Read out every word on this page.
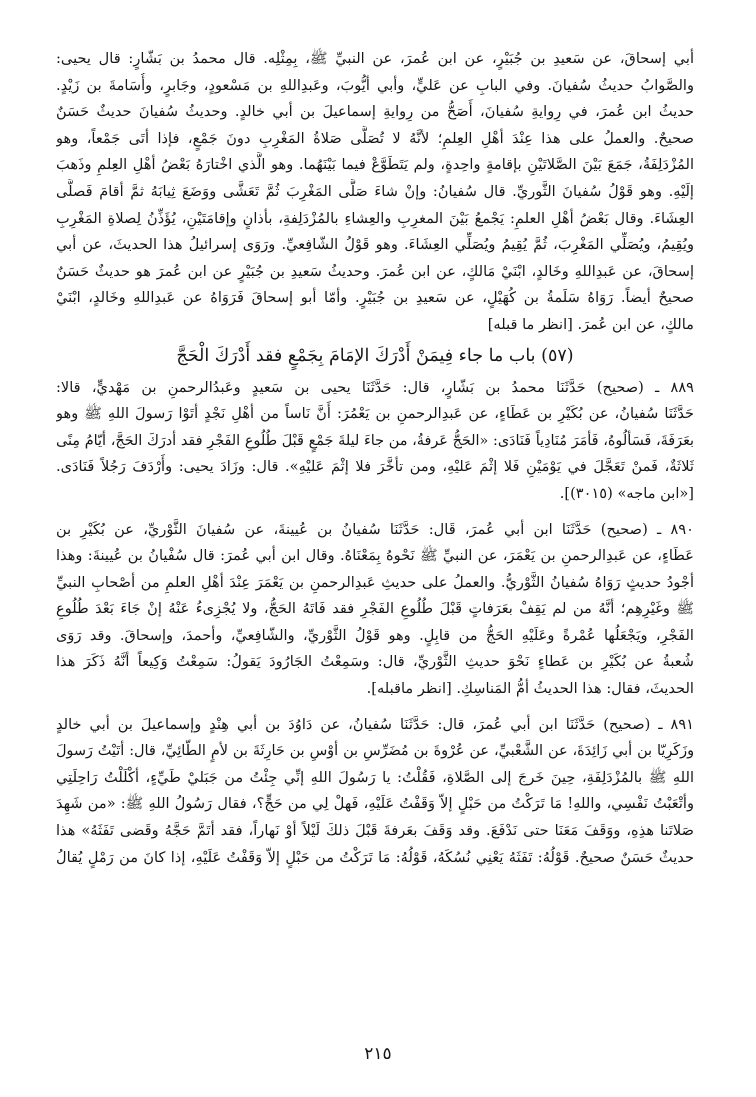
أبي إسحاقَ، عن سَعيدِ بن جُبَيْرٍ، عن ابن عُمرَ، عن النبيِّ ﷺ، بِمِثْلِه. قال محمدُ بن بَشّارٍ: قال يحيى:
والصَّوابُ حديثُ سُفيانَ. وفي البابِ عن عَليٍّ، وأبي أيُّوبَ، وعَبدِاللهِ بن مَسْعودٍ، وجَابرٍ، وأُسَامةَ بن زَيْدٍ.
حديثُ ابن عُمرَ، في رِوايةِ سُفيانَ، أَصَحُّ من رِوايةِ إسماعيلَ بن أبي خالدٍ. وحديثُ سُفيانَ حديثٌ حَسَنٌ
صحيحٌ. والعملُ على هذا عِنْدَ أهْلِ العِلمِ؛ لأنَّهُ لا تُصَلَّى صَلاةُ المَغْرِبِ دونَ جَمْعٍ، فإذا أتَى جَمْعاً، وهو
المُزْدَلِفَةُ، جَمَعَ بَيْنَ الصَّلاتَيْنِ بإقامةٍ واحِدةٍ، ولم يَتَطَوَّعْ فيما بَيْنَهُما. وهو الَّذي اخْتارَهُ بَعْضُ أهْلِ العِلمِ وذَهبَ
إلَيْهِ. وهو قَوْلُ سُفيانَ الثَّوريِّ. قال سُفيانُ: وإنْ شاءَ صَلَّى المَغْرِبَ ثُمَّ تَعَشَّى ووَضَعَ ثِيابَهُ ثمَّ أقامَ فَصلَّى
العِشَاءَ. وقال بَعْضُ أهْلِ العلمِ: يَجْمعُ بَيْنَ المغرِبِ والعِشاءِ بالمُزْدَلِفةِ، بأذانٍ وإقامَتَيْنِ، يُؤَذِّنُ لِصلاةِ المَغْرِبِ
ويُقِيمُ، ويُصَلِّي المَغْرِبَ، ثُمَّ يُقِيمُ ويُصَلِّي العِشَاءَ. وهو قَوْلُ الشّافِعيِّ. ورَوَى إسرائيلُ هذا الحديثَ، عن أبي
إسحاقَ، عن عَبدِاللهِ وخَالدٍ، ابْنَيْ مَالكٍ، عن ابن عُمرَ. وحديثُ سَعيدِ بن جُبَيْرٍ عن ابن عُمرَ هو حديثٌ حَسَنٌ
صحيحٌ أيضاً. رَوَاهُ سَلَمةُ بن كُهَيْلٍ، عن سَعيدِ بن جُبَيْرٍ. وأمّا أبو إسحاقَ فَرَوَاهُ عن عَبدِاللهِ وخَالدٍ، ابْنَيْ
مالكٍ، عن ابن عُمرَ. [انظر ما قبله]
(٥٧) باب ما جاء فِيمَنْ أَدْرَكَ الإمَامَ بِجَمْعٍ فقد أَدْرَكَ الْحَجَّ
٨٨٩ ـ (صحيح) حَدَّثَنَا محمدُ بن بَشّارٍ، قال: حَدَّثَنَا يحيى بن سَعيدٍ وعَبدُالرحمنِ بن مَهْديٍّ، قالا:
حَدَّثَنَا سُفيانُ، عن بُكَيْرِ بن عَطَاءٍ، عن عَبدِالرحمنِ بن يَعْمُرَ: أَنَّ نَاساً من أهْلِ نَجْدٍ أتَوْا رَسولَ اللهِ ﷺ وهو
بعَرَفَةَ، فَسَألُوهُ، فَأمَرَ مُنَادِياً فَنَادَى: «الحَجُّ عَرفةُ، من جاءَ ليلةَ جَمْعٍ قَبْلَ طُلُوعِ الفَجْرِ فقد أدرَكَ الحَجَّ، أيّامُ مِنًى
ثَلاثَةٌ، فَمنْ تَعَجَّلَ في يَوْمَيْنِ فَلا إثْمَ عَليْهِ، ومن تأخَّرَ فلا إثْمَ عَليْهِ». قال: وزَادَ يحيى: وأَرْدَفَ رَجُلاً فَنَادَى.
[«ابن ماجه» (٣٠١٥)].
٨٩٠ ـ (صحيح) حَدَّثَنَا ابن أبي عُمرَ، قَال: حَدَّثَنَا سُفيانُ بن عُيينةَ، عن سُفيانَ الثَّوْريِّ، عن بُكَيْرِ بن
عَطَاءٍ، عن عَبدِالرحمنِ بن يَعْمَرَ، عن النبيِّ ﷺ نَحْوهُ بِمَعْنَاهُ. وقال ابن أبي عُمرَ: قال سُفْيانُ بن عُيينةَ: وهذا
أجْودُ حديثٍ رَوَاهُ سُفيانُ الثَّوْريُّ. والعملُ على حديثِ عَبدِالرحمنِ بن يَعْمَرَ عِنْدَ أهْلِ العلمِ من أصْحابِ النبيِّ
ﷺ وغَيْرِهِم؛ أنَّهُ من لم يَقِفْ بعَرَفاتٍ قَبْلَ طُلُوعِ الفَجْرِ فقد فَاتَهُ الحَجُّ، ولا يُجْزِىءُ عَنْهُ إنْ جَاءَ بَعْدَ طُلُوعِ
الفَجْرِ، ويَجْعَلُها عُمْرةً وعَلَيْهِ الحَجُّ من قابِلٍ. وهو قَوْلُ الثَّوْريِّ، والشّافِعيِّ، وأحمدَ، وإسحاقَ. وقد رَوَى
شُعبةُ عن بُكَيْرِ بن عَطاءٍ نَحْوَ حديثِ الثَّوْريِّ، قال: وسَمِعْتُ الجَارُودَ يَقولُ: سَمِعْتُ وَكِيعاً أنَّهُ ذَكَرَ هذا
الحديثَ، فقال: هذا الحديثُ أمُّ المَناسِكِ. [انظر ماقبله].
٨٩١ ـ (صحيح) حَدَّثَنَا ابن أبي عُمرَ، قال: حَدَّثَنَا سُفيانُ، عن دَاوُدَ بن أبي هِنْدٍ وإسماعيلَ بن أبي خالدٍ
وزَكَرِيّا بن أبي زَائِدَةَ، عن الشَّعْبيِّ، عن عُرْوةَ بن مُضَرِّسِ بن أوْسِ بن حَارِثَةَ بن لأمٍ الطّائِيِّ، قال: أتَيْتُ رَسولَ
اللهِ ﷺ بالمُزْدَلِفَةِ، حِينَ خَرجَ إلى الصَّلاةِ، فَقُلْتُ: يا رَسُولَ اللهِ إنِّي جِئْتُ من جَبَليْ طَيِّءٍ، أكْلَلْتُ رَاحِلَتِي
وأتْعَبْتُ نَفْسِي، واللهِ! مَا تَرَكْتُ من حَبْلٍ إلاّ وَقَفْتُ عَلَيْهِ، فَهلْ لِي من حَجٍّ؟، فقال رَسُولُ اللهِ ﷺ: «من شَهِدَ
صَلاتَنا هذِهِ، ووَقَفَ مَعَنَا حتى نَدْفَعَ. وقد وَقَفَ بعَرفةَ قَبْلَ ذلكَ لَيْلاً أوْ نَهاراً، فقد أتَمَّ حَجَّهُ وقَضى تَفَثَهُ» هذا
حديثٌ حَسَنٌ صحيحٌ. قَوْلُهُ: تَفَثَهُ يَعْنِي نُسُكَهُ، قَوْلُهُ: مَا تَرَكْتُ من حَبْلٍ إلاّ وَقَفْتُ عَلَيْهِ، إذا كانَ من رَمْلٍ يُقالُ
٢١٥
